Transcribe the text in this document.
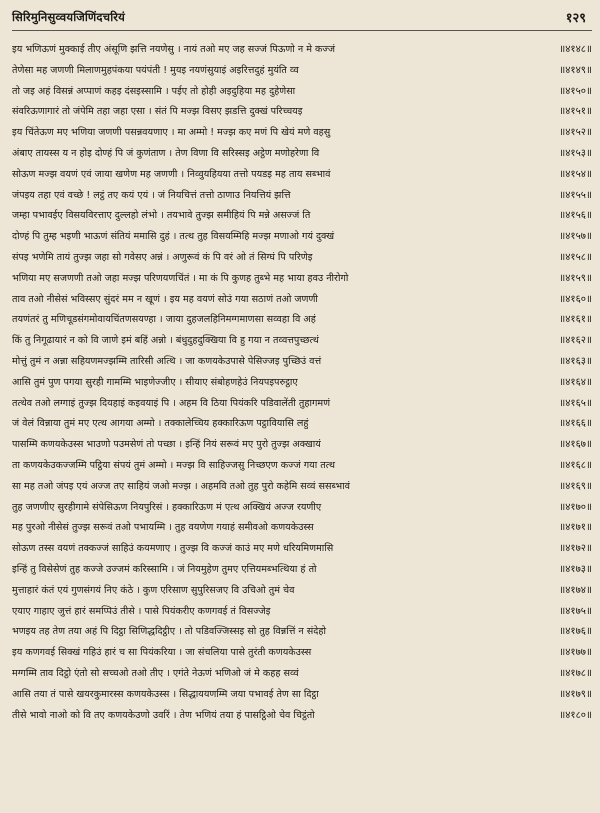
सिरिमुनिसुव्वयजिणिंदचरियं	१२९
इय भणिऊणं मुक्काई तीए अंसूणि झत्ति नयणेसु । नायं तओ मए जह सज्जं पिऊणो न मे कज्जं	॥४१४८॥
तेणेसा मह जणणी मिलाणमुहपंकया पयंपंती ! मुयइ नयणंसुयाइं अइरित्तदुहं मुयंति व्व	॥४१४९॥
तो जइ अहं विसन्नं अप्पाणं कहइ दंसइस्सामि । पईए तो होही अइदुहिया मह दुहेणेसा	॥४१५०॥
संवरिऊणागारं तो जंपेमि तहा जहा एसा । संतं पि मज्झ विसए झडत्ति दुक्खं परिच्चयइ	॥४१५१॥
इय चिंतेऊण मए भणिया जणणी पसन्नवयणाए । मा अम्मो ! मज्झ कए मणं पि खेयं मणे वहसु	॥४१५२॥
अंबाए तायस्स य न होइ दोण्हं पि जं कुणंताण । तेण विणा वि सरिस्सइ अट्ठेण मणोहरेणा वि	॥४१५३॥
सोऊण मज्झ वयणं एवं जाया खणेण मह जणणी । निव्वुयहियया तत्तो पयडइ मह ताय सब्भावं	॥४१५४॥
जंपइय तहा एवं वच्छे ! लट्ठं तए कयं एयं । जं नियचित्तं तत्तो ठाणाउ नियत्तियं झत्ति	॥४१५५॥
जम्हा पभावईए विसयविरत्ताए दुल्लहो लंभो । तयभावे तुज्झ समीहियं पि मन्ने असज्जं ति	॥४१५६॥
दोण्हं पि तुम्ह भइणी भाऊणं संतियं ममासि दुहं । तत्थ तुह विसयम्मिहि मज्झ मणाओ गयं दुक्खं	॥४१५७॥
संपइ भणेमि तायं तुज्झ जहा सो गवेसए अन्नं । अणुरूवं कं पि वरं ओ तं सिग्घं पि परिणेइ	॥४१५८॥
भणिया मए सजणणी तओ जहा मज्झ परिणयणचिंतं । मा कं पि कुणह तुब्भे मह भाया हवउ नीरोगो	॥४१५९॥
ताव तओ नीसेसं भविस्सए सुंदरं मम न खूणं । इय मह वयणं सोउं गया सठाणं तओ जणणी	॥४१६०॥
तयणंतरं तु मणिचूडसंगमोवायचिंतणसयण्हा । जाया दुहजलहिनिमग्गमाणसा सव्वहा वि अहं	॥४१६१॥
किं तु निगूढायारं न को वि जाणे इमं बहिं अन्नो । बंधुदुहदुक्खिया वि हु गया न तव्वत्तपुच्छत्थं	॥४१६२॥
मोत्तुं तुमं न अन्ना सहियणमज्झम्मि तारिसी अत्थि । जा कणयकेउपासे पेसिज्जइ पुच्छिउं वत्तं	॥४१६३॥
आसि तुमं पुण पगया सुरही गामम्मि भाइणेज्जीए । सीयाए संबोहणहेउं नियपइपरुट्ठाए	॥४१६४॥
तत्थेव तओ लग्गाइं तुज्झ दियहाइं कइवयाइं पि । अहम वि ठिया पियंकरि पडिवालेंती तुहागमणं	॥४१६५॥
जं वेलं विन्नाया तुमं मए एत्थ आगया अम्मो । तक्कालेच्चिय हक्कारिऊण पट्ठावियासि लहुं	॥४१६६॥
पासम्मि कणयकेउस्स भाउणो पउमसेणं तो पच्छा । इन्हिं नियं सरूवं मए पुरो तुज्झ अक्खायं	॥४१६७॥
ता कणयकेउकज्जम्मि पट्ठिया संपयं तुमं अम्मो । मज्झ वि साहिज्जसु निच्छएण कज्जं गया तत्थ	॥४१६८॥
सा मह तओ जंपइ एयं अज्ज तए साहियं जओ मज्झ । अहमवि तओ तुह पुरो कहेमि सव्वं ससब्भावं	॥४१६९॥
तुह जणणीए सुरहीगामे संपेसिऊण नियपुरिसं । हक्कारिऊण मं एत्थ अक्खियं अज्ज रयणीए	॥४१७०॥
मह पुरओ नीसेसं तुज्झ सरूवं तओ पभायम्मि । तुह वयणेण गयाहं समीवओ कणयकेउस्स	॥४१७१॥
सोऊण तस्स वयणं तक्कज्जं साहिउं कयमणाए । तुज्झ वि कज्जं काउं मए मणे धरियमिणमासि	॥४१७२॥
इन्हिं तु विसेसेणं तुह कज्जे उज्जमं करिस्सामि । जं नियमुहेण तुमए एत्तियमब्भत्थिया हं तो	॥४१७३॥
मुत्ताहारं कंतं एयं गुणसंगयं निए कंठे । कुण एरिसाण सुपुरिसजए वि उचिओ तुमं चेव	॥४१७४॥
एयाए गाहाए जुत्तं हारं समप्पिउं तीसे । पासे पियंकरीए कणगवई तं विसज्जेइ	॥४१७५॥
भणइय तह तेण तया अहं पि दिट्ठा सिणिद्धदिट्ठीए । तो पडिवज्जिस्सइ सो तुह विन्नत्तिं न संदेहो	॥४१७६॥
इय कणगवई सिक्खं गहिउं हारं च सा पियंकरिया । जा संचलिया पासे तुरंती कणयकेउस्स	॥४१७७॥
मग्गम्मि ताव दिट्ठो एंतो सो सच्चओ तओ तीए । एगंते नेऊणं भणिओ जं मे कहह सव्वं	॥४१७८॥
आसि तया तं पासे खयरकुमारस्स कणयकेउस्स । सिद्धाययणम्मि जया पभावई तेण सा दिट्ठा	॥४१७९॥
तीसे भावो नाओ को वि तए कणयकेउणो उवरिं । तेण भणियं तया हं पासट्ठिओ चेव चिट्ठंतो	॥४१८०॥
